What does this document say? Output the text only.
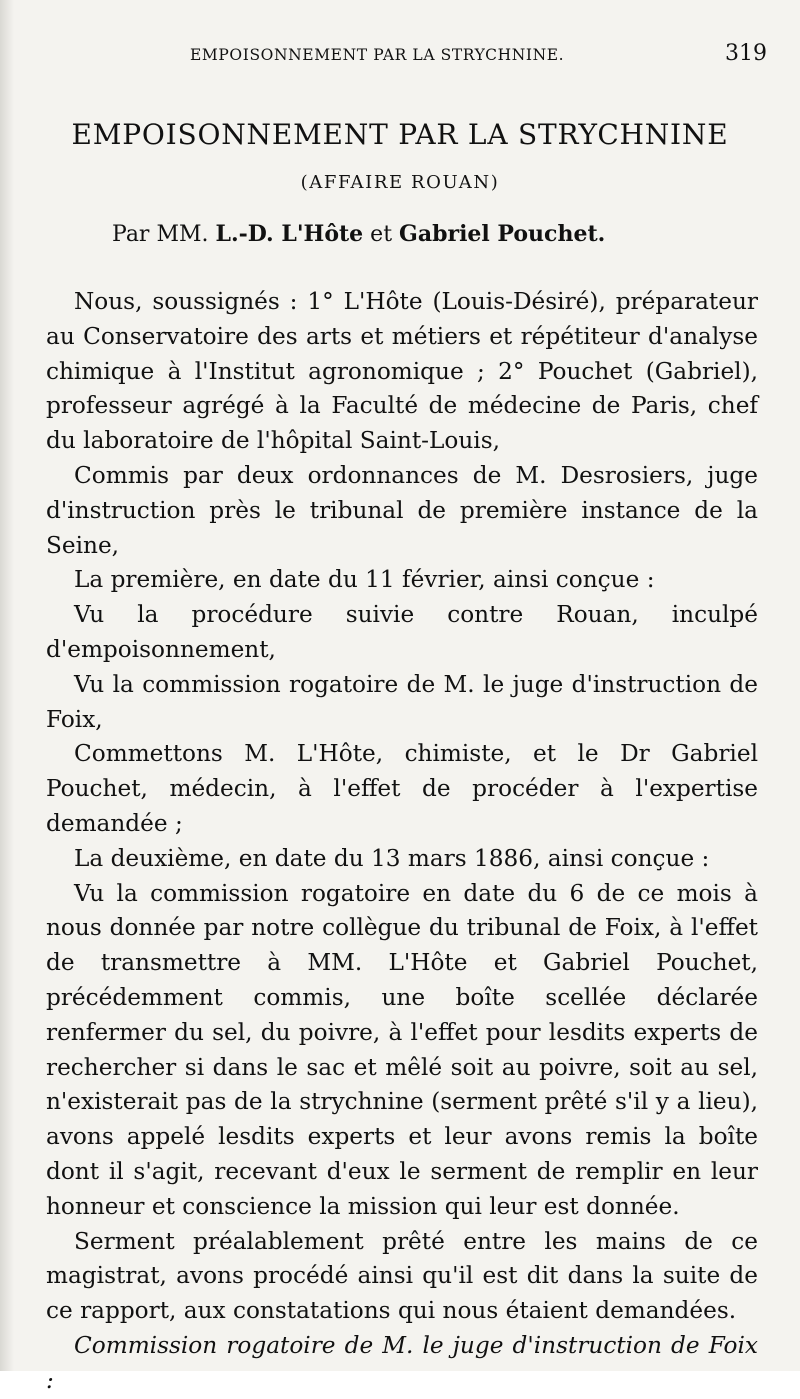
EMPOISONNEMENT PAR LA STRYCHNINE.	319
EMPOISONNEMENT PAR LA STRYCHNINE
(AFFAIRE ROUAN)
Par MM. L.-D. L'Hôte et Gabriel Pouchet.

Nous, soussignés : 1° L'Hôte (Louis-Désiré), préparateur au Conservatoire des arts et métiers et répétiteur d'analyse chimique à l'Institut agronomique ; 2° Pouchet (Gabriel), professeur agrégé à la Faculté de médecine de Paris, chef du laboratoire de l'hôpital Saint-Louis,

Commis par deux ordonnances de M. Desrosiers, juge d'instruction près le tribunal de première instance de la Seine,

La première, en date du 11 février, ainsi conçue :

Vu la procédure suivie contre Rouan, inculpé d'empoisonnement,

Vu la commission rogatoire de M. le juge d'instruction de Foix,

Commettons M. L'Hôte, chimiste, et le Dr Gabriel Pouchet, médecin, à l'effet de procéder à l'expertise demandée ;

La deuxième, en date du 13 mars 1886, ainsi conçue :

Vu la commission rogatoire en date du 6 de ce mois à nous donnée par notre collègue du tribunal de Foix, à l'effet de transmettre à MM. L'Hôte et Gabriel Pouchet, précédemment commis, une boîte scellée déclarée renfermer du sel, du poivre, à l'effet pour lesdits experts de rechercher si dans le sac et mêlé soit au poivre, soit au sel, n'existerait pas de la strychnine (serment prêté s'il y a lieu), avons appelé lesdits experts et leur avons remis la boîte dont il s'agit, recevant d'eux le serment de remplir en leur honneur et conscience la mission qui leur est donnée.

Serment préalablement prêté entre les mains de ce magistrat, avons procédé ainsi qu'il est dit dans la suite de ce rapport, aux constatations qui nous étaient demandées.

Commission rogatoire de M. le juge d'instruction de Foix :
